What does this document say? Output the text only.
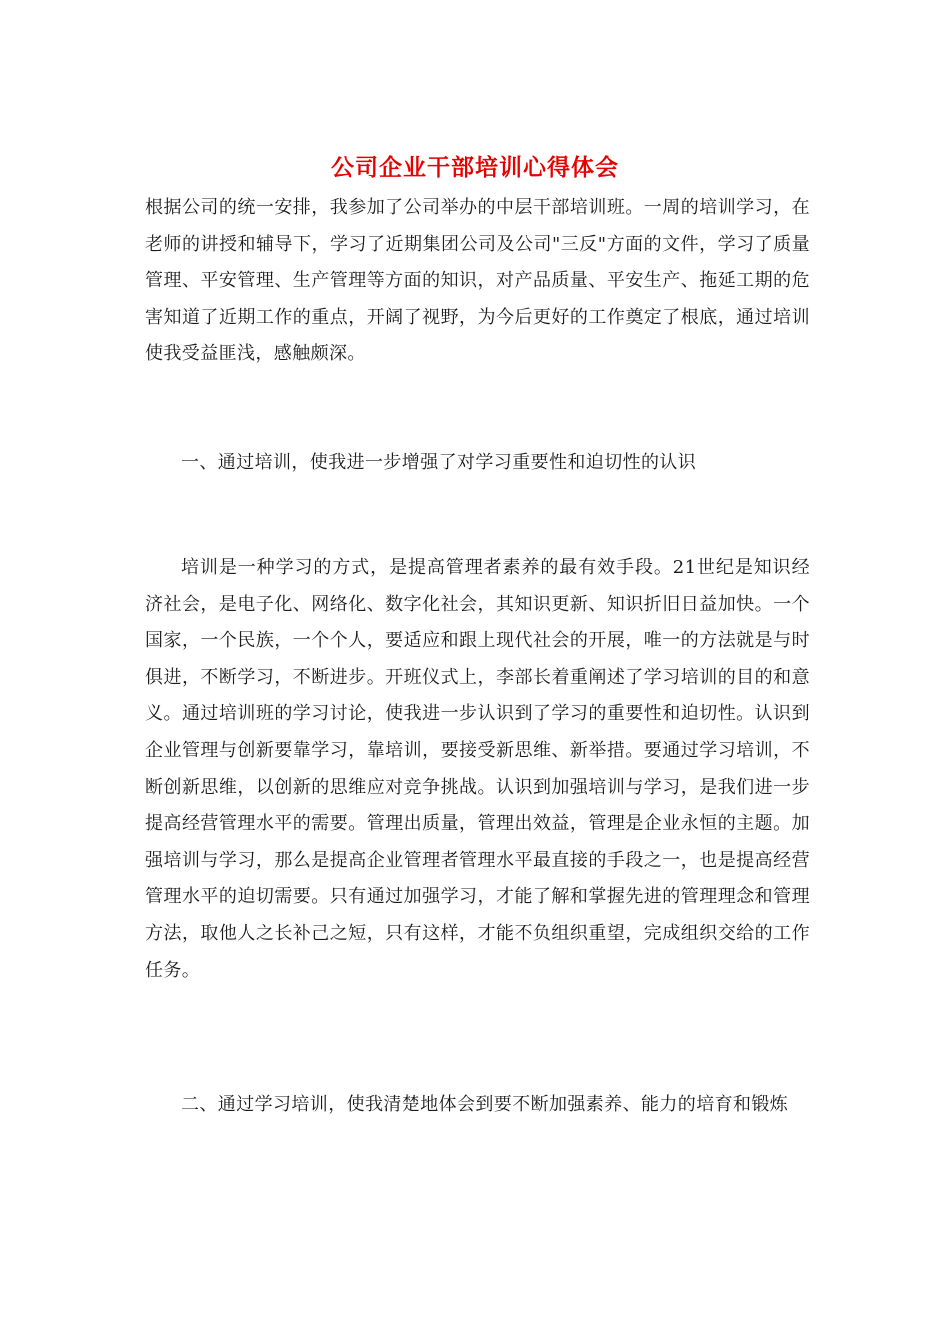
公司企业干部培训心得体会
根据公司的统一安排，我参加了公司举办的中层干部培训班。一周的培训学习，在老师的讲授和辅导下，学习了近期集团公司及公司"三反"方面的文件，学习了质量管理、平安管理、生产管理等方面的知识，对产品质量、平安生产、拖延工期的危害知道了近期工作的重点，开阔了视野，为今后更好的工作奠定了根底，通过培训使我受益匪浅，感触颇深。
一、通过培训，使我进一步增强了对学习重要性和迫切性的认识
培训是一种学习的方式，是提高管理者素养的最有效手段。21世纪是知识经济社会，是电子化、网络化、数字化社会，其知识更新、知识折旧日益加快。一个国家，一个民族，一个个人，要适应和跟上现代社会的开展，唯一的方法就是与时俱进，不断学习，不断进步。开班仪式上，李部长着重阐述了学习培训的目的和意义。通过培训班的学习讨论，使我进一步认识到了学习的重要性和迫切性。认识到企业管理与创新要靠学习，靠培训，要接受新思维、新举措。要通过学习培训，不断创新思维，以创新的思维应对竞争挑战。认识到加强培训与学习，是我们进一步提高经营管理水平的需要。管理出质量，管理出效益，管理是企业永恒的主题。加强培训与学习，那么是提高企业管理者管理水平最直接的手段之一，也是提高经营管理水平的迫切需要。只有通过加强学习，才能了解和掌握先进的管理理念和管理方法，取他人之长补己之短，只有这样，才能不负组织重望，完成组织交给的工作任务。
二、通过学习培训，使我清楚地体会到要不断加强素养、能力的培育和锻炼
